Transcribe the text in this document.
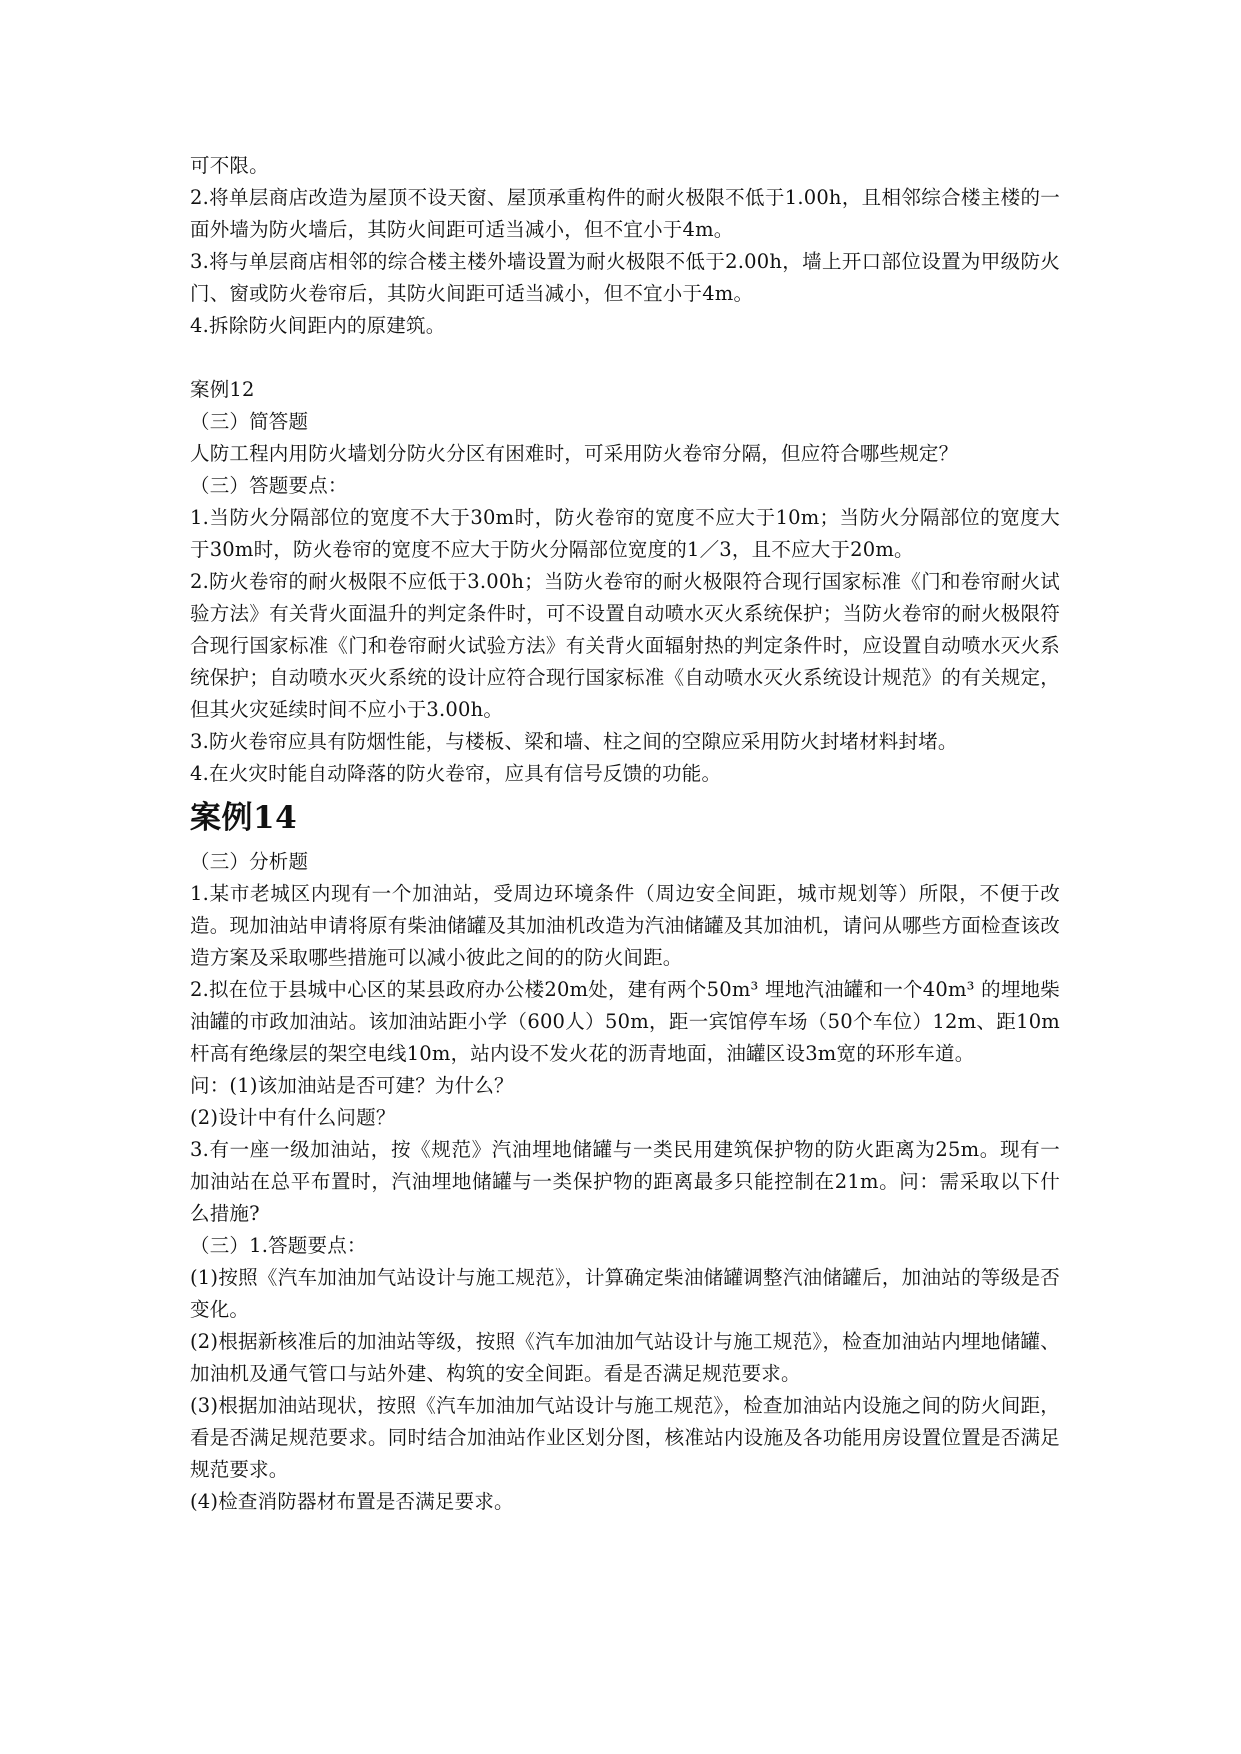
可不限。

2.将单层商店改造为屋顶不设天窗、屋顶承重构件的耐火极限不低于1.00h，且相邻综合楼主楼的一面外墙为防火墙后，其防火间距可适当减小，但不宜小于4m。

3.将与单层商店相邻的综合楼主楼外墙设置为耐火极限不低于2.00h，墙上开口部位设置为甲级防火门、窗或防火卷帘后，其防火间距可适当减小，但不宜小于4m。

4.拆除防火间距内的原建筑。

案例12

（三）简答题

人防工程内用防火墙划分防火分区有困难时，可采用防火卷帘分隔，但应符合哪些规定？

（三）答题要点：

1.当防火分隔部位的宽度不大于30m时，防火卷帘的宽度不应大于10m；当防火分隔部位的宽度大于30m时，防火卷帘的宽度不应大于防火分隔部位宽度的1／3，且不应大于20m。

2.防火卷帘的耐火极限不应低于3.00h；当防火卷帘的耐火极限符合现行国家标准《门和卷帘耐火试验方法》有关背火面温升的判定条件时，可不设置自动喷水灭火系统保护；当防火卷帘的耐火极限符合现行国家标准《门和卷帘耐火试验方法》有关背火面辐射热的判定条件时，应设置自动喷水灭火系统保护；自动喷水灭火系统的设计应符合现行国家标准《自动喷水灭火系统设计规范》的有关规定，但其火灾延续时间不应小于3.00h。

3.防火卷帘应具有防烟性能，与楼板、梁和墙、柱之间的空隙应采用防火封堵材料封堵。

4.在火灾时能自动降落的防火卷帘，应具有信号反馈的功能。

案例14

（三）分析题

1.某市老城区内现有一个加油站，受周边环境条件（周边安全间距，城市规划等）所限，不便于改造。现加油站申请将原有柴油储罐及其加油机改造为汽油储罐及其加油机，请问从哪些方面检查该改造方案及采取哪些措施可以减小彼此之间的的防火间距。

2.拟在位于县城中心区的某县政府办公楼20m处，建有两个50m³ 埋地汽油罐和一个40m³ 的埋地柴油罐的市政加油站。该加油站距小学（600人）50m，距一宾馆停车场（50个车位）12m、距10m杆高有绝缘层的架空电线10m，站内设不发火花的沥青地面，油罐区设3m宽的环形车道。

问：(1)该加油站是否可建？为什么？

(2)设计中有什么问题？

3.有一座一级加油站，按《规范》汽油埋地储罐与一类民用建筑保护物的防火距离为25m。现有一加油站在总平布置时，汽油埋地储罐与一类保护物的距离最多只能控制在21m。问：需采取以下什么措施?

（三）1.答题要点：

(1)按照《汽车加油加气站设计与施工规范》，计算确定柴油储罐调整汽油储罐后，加油站的等级是否变化。

(2)根据新核准后的加油站等级，按照《汽车加油加气站设计与施工规范》，检查加油站内埋地储罐、加油机及通气管口与站外建、构筑的安全间距。看是否满足规范要求。

(3)根据加油站现状，按照《汽车加油加气站设计与施工规范》，检查加油站内设施之间的防火间距，看是否满足规范要求。同时结合加油站作业区划分图，核准站内设施及各功能用房设置位置是否满足规范要求。

(4)检查消防器材布置是否满足要求。
